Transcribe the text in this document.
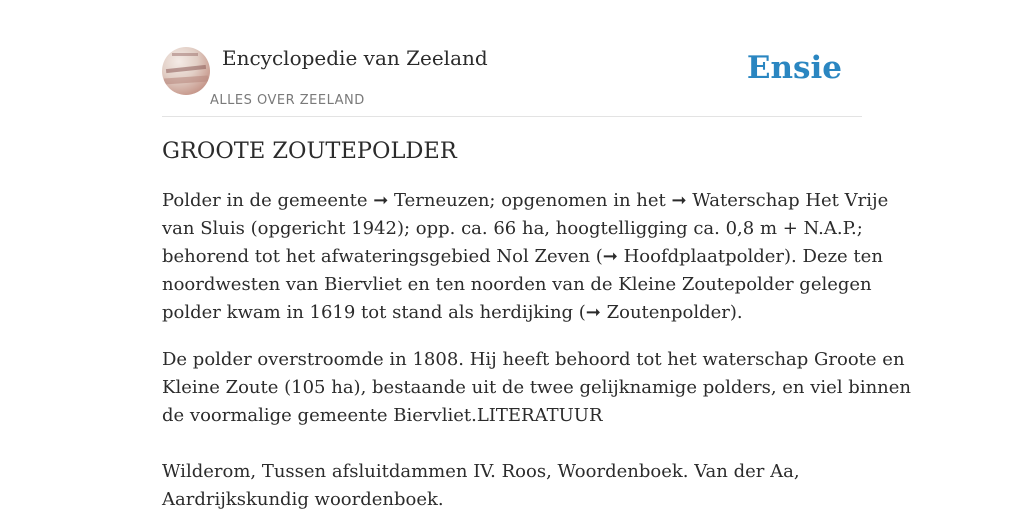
Encyclopedie van Zeeland
ALLES OVER ZEELAND
Ensie
GROOTE ZOUTEPOLDER

Polder in de gemeente ➞ Terneuzen; opgenomen in het ➞ Waterschap Het Vrije
van Sluis (opgericht 1942); opp. ca. 66 ha, hoogtelligging ca. 0,8 m + N.A.P.;
behorend tot het afwateringsgebied Nol Zeven (➞ Hoofdplaatpolder). Deze ten
noordwesten van Biervliet en ten noorden van de Kleine Zoutepolder gelegen
polder kwam in 1619 tot stand als herdijking (➞ Zoutenpolder).

De polder overstroomde in 1808. Hij heeft behoord tot het waterschap Groote en
Kleine Zoute (105 ha), bestaande uit de twee gelijknamige polders, en viel binnen
de voormalige gemeente Biervliet.LITERATUUR

Wilderom, Tussen afsluitdammen IV. Roos, Woordenboek. Van der Aa,
Aardrijkskundig woordenboek.
